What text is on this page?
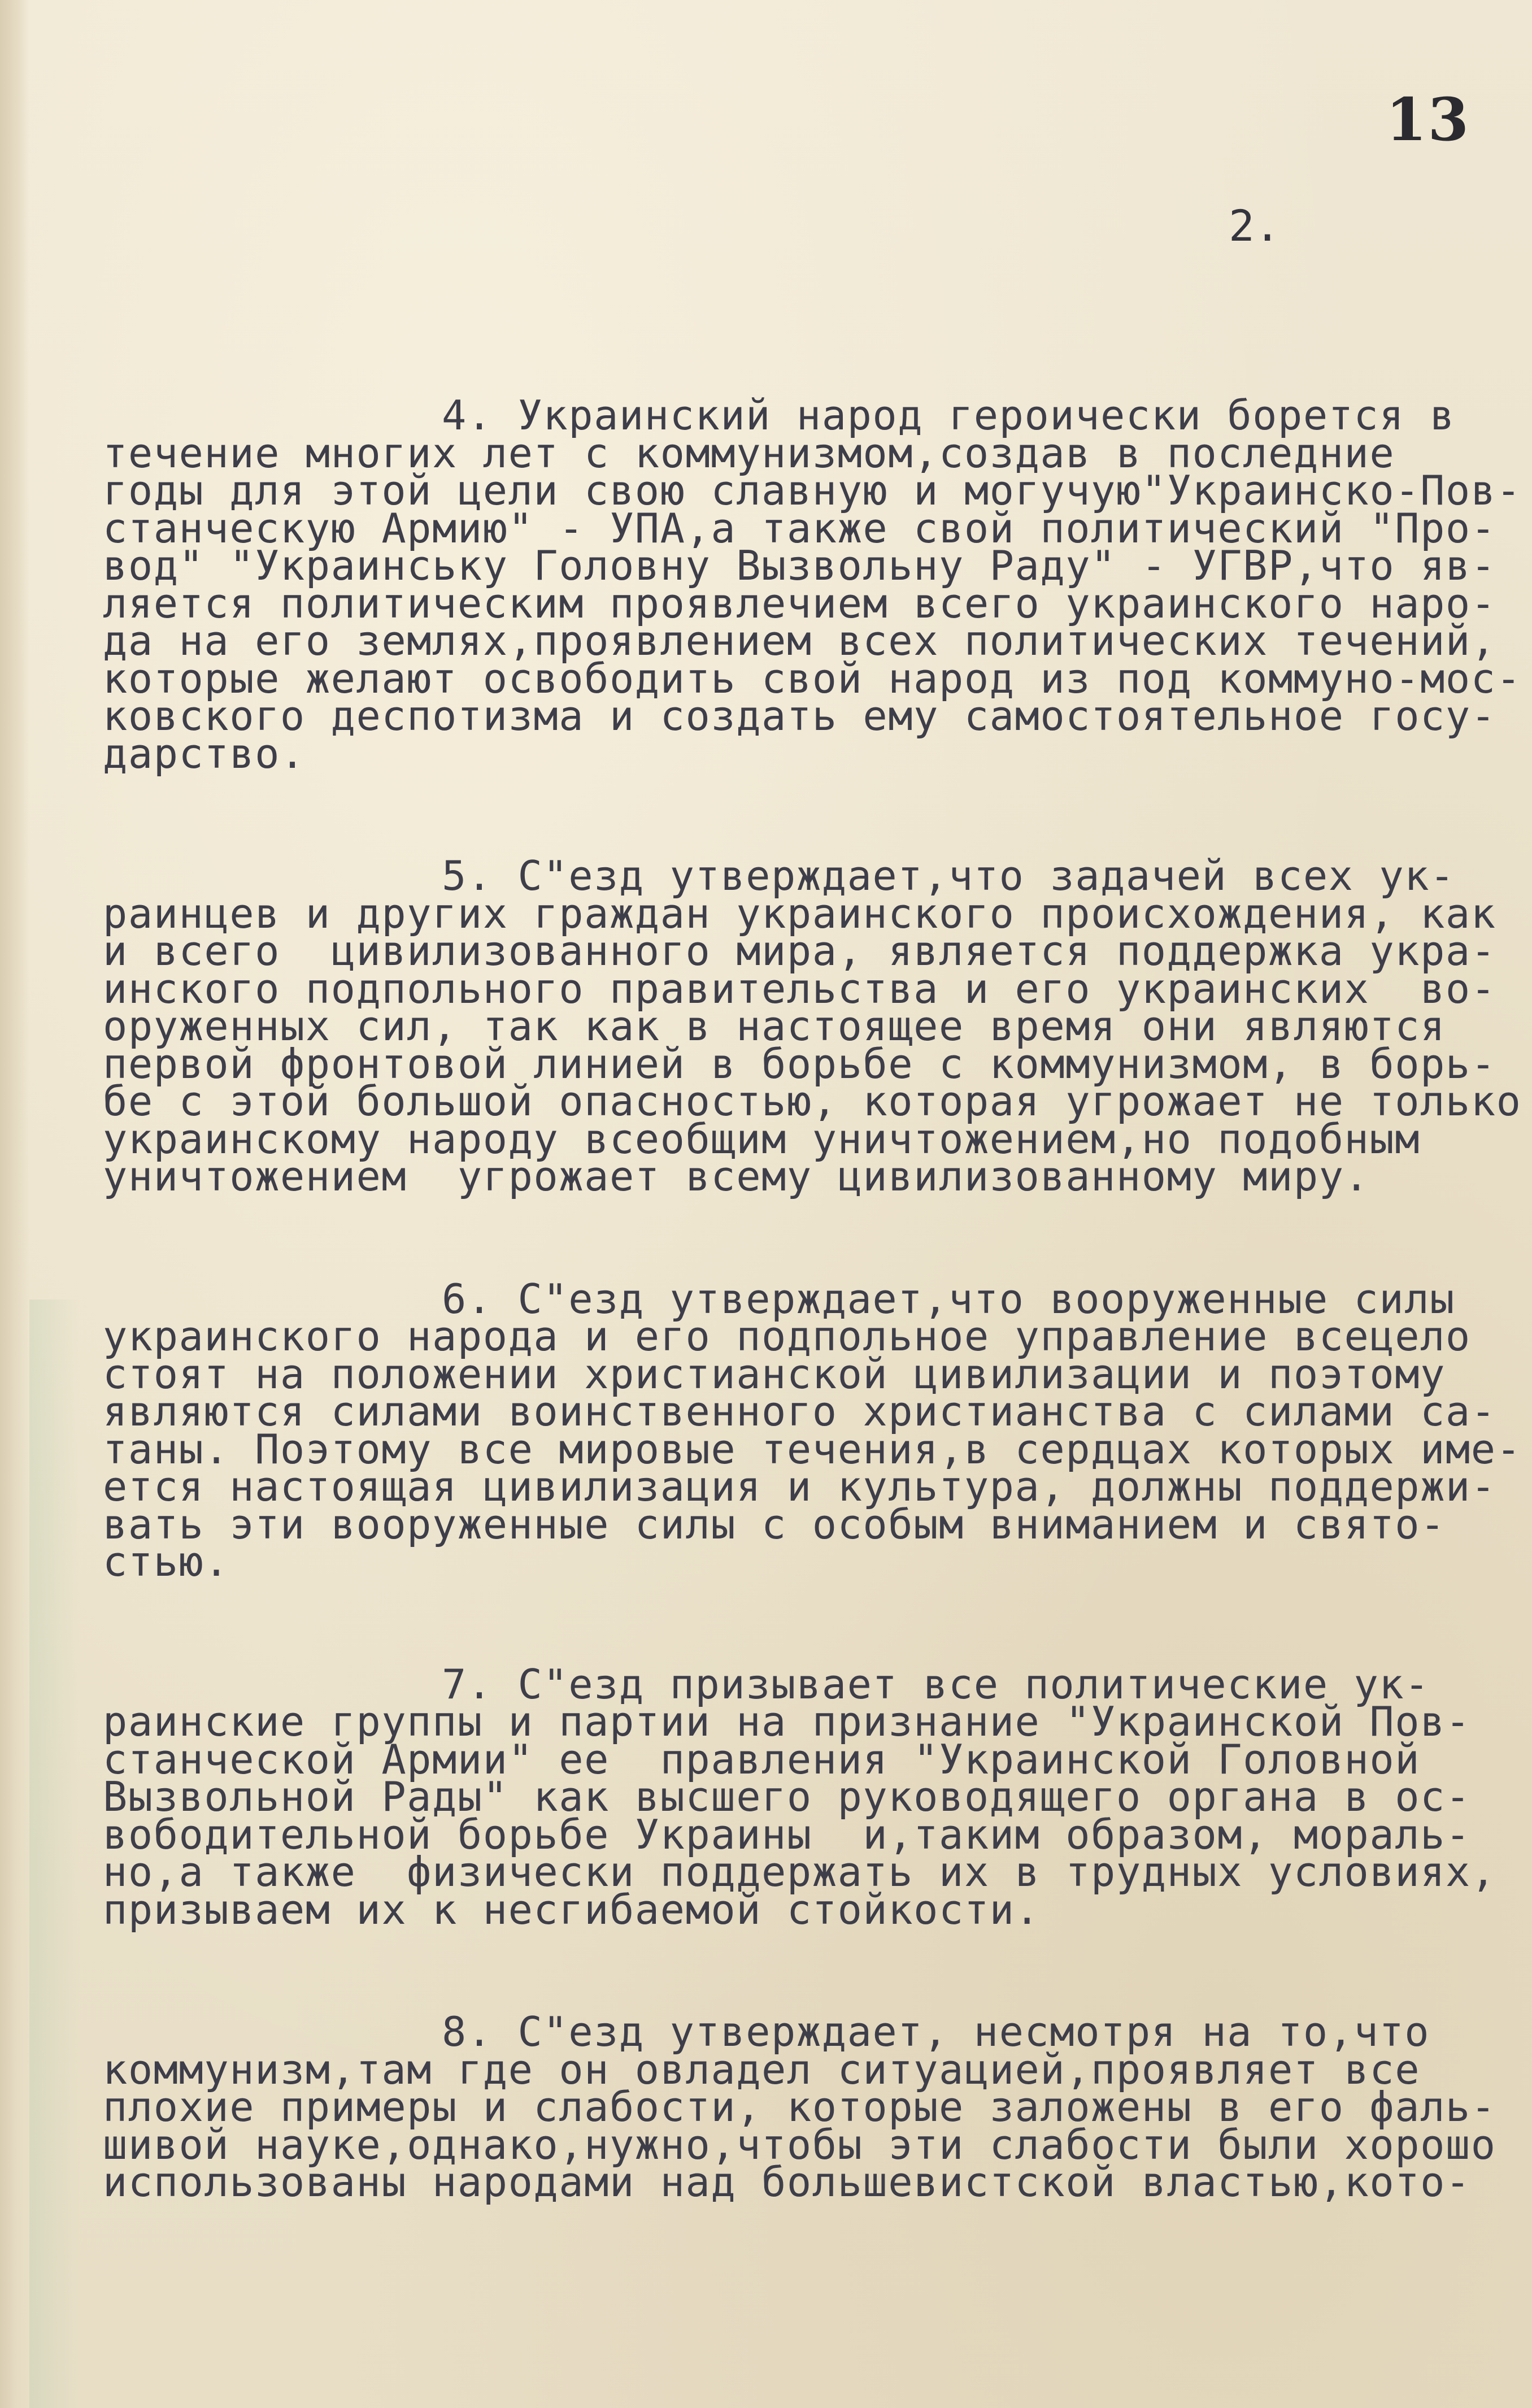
13
2.
4. Украинский народ героически борется в
течение многих лет с коммунизмом,создав в последние
годы для этой цели свою славную и могучую"Украинско-Пов-
станческую Армию" - УПА,а также свой политический "Про-
вод" "Украинську Головну Вызвольну Раду" - УГВР,что яв-
ляется политическим проявлечием всего украинского наро-
да на его землях,проявлением всех политических течений,
которые желают освободить свой народ из под коммуно-мос-
ковского деспотизма и создать ему самостоятельное госу-
дарство.
5. С"езд утверждает,что задачей всех ук-
раинцев и других граждан украинского происхождения, как
и всего  цивилизованного мира, является поддержка укра-
инского подпольного правительства и его украинских  во-
оруженных сил, так как в настоящее время они являются
первой фронтовой линией в борьбе с коммунизмом, в борь-
бе с этой большой опасностью, которая угрожает не только
украинскому народу всеобщим уничтожением,но подобным
уничтожением  угрожает всему цивилизованному миру.
6. С"езд утверждает,что вооруженные силы
украинского народа и его подпольное управление всецело
стоят на положении христианской цивилизации и поэтому
являются силами воинственного христианства с силами са-
таны. Поэтому все мировые течения,в сердцах которых име-
ется настоящая цивилизация и культура, должны поддержи-
вать эти вооруженные силы с особым вниманием и свято-
стью.
7. С"езд призывает все политические ук-
раинские группы и партии на признание "Украинской Пов-
станческой Армии" ее  правления "Украинской Головной
Вызвольной Рады" как высшего руководящего органа в ос-
вободительной борьбе Украины  и,таким образом, мораль-
но,а также  физически поддержать их в трудных условиях,
призываем их к несгибаемой стойкости.
8. С"езд утверждает, несмотря на то,что
коммунизм,там где он овладел ситуацией,проявляет все
плохие примеры и слабости, которые заложены в его фаль-
шивой науке,однако,нужно,чтобы эти слабости были хорошо
использованы народами над большевистской властью,кото-
